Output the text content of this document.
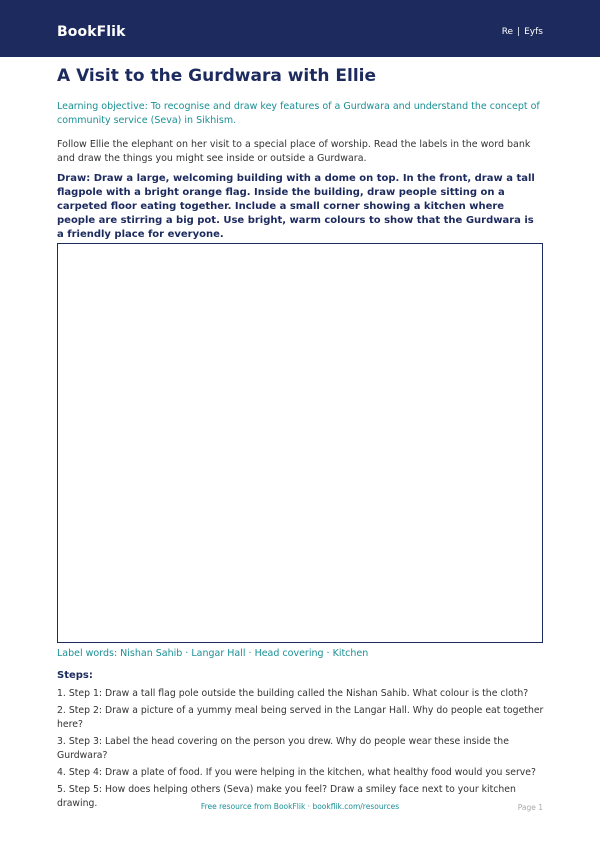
BookFlik	Re | Eyfs
A Visit to the Gurdwara with Ellie

Learning objective: To recognise and draw key features of a Gurdwara and understand the concept of community service (Seva) in Sikhism.

Follow Ellie the elephant on her visit to a special place of worship. Read the labels in the word bank and draw the things you might see inside or outside a Gurdwara.

Draw: Draw a large, welcoming building with a dome on top. In the front, draw a tall flagpole with a bright orange flag. Inside the building, draw people sitting on a carpeted floor eating together. Include a small corner showing a kitchen where people are stirring a big pot. Use bright, warm colours to show that the Gurdwara is a friendly place for everyone.

Label words: Nishan Sahib · Langar Hall · Head covering · Kitchen
Steps:
1. Step 1: Draw a tall flag pole outside the building called the Nishan Sahib. What colour is the cloth?
2. Step 2: Draw a picture of a yummy meal being served in the Langar Hall. Why do people eat together here?
3. Step 3: Label the head covering on the person you drew. Why do people wear these inside the Gurdwara?
4. Step 4: Draw a plate of food. If you were helping in the kitchen, what healthy food would you serve?
5. Step 5: How does helping others (Seva) make you feel? Draw a smiley face next to your kitchen drawing.	Free resource from BookFlik · bookflik.com/resources	Page 1
